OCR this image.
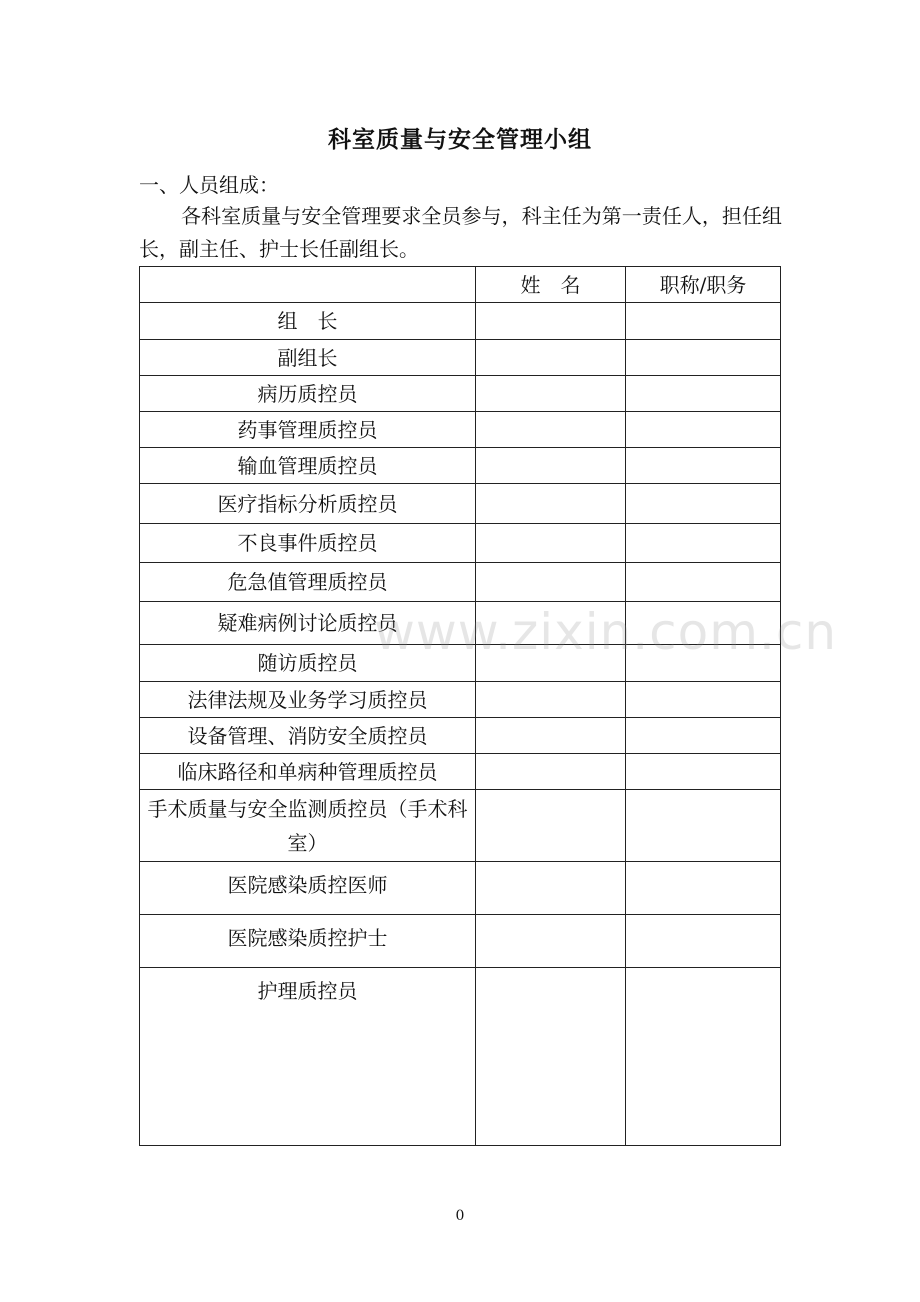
科室质量与安全管理小组
一、人员组成：
各科室质量与安全管理要求全员参与，科主任为第一责任人，担任组长，副主任、护士长任副组长。
	姓　名	职称/职务
组　长		
副组长		
病历质控员		
药事管理质控员		
输血管理质控员		
医疗指标分析质控员		
不良事件质控员		
危急值管理质控员		
疑难病例讨论质控员		
随访质控员		
法律法规及业务学习质控员		
设备管理、消防安全质控员		
临床路径和单病种管理质控员		
手术质量与安全监测质控员（手术科室）		
医院感染质控医师		
医院感染质控护士		
护理质控员		
www.zixin.com.cn
0
